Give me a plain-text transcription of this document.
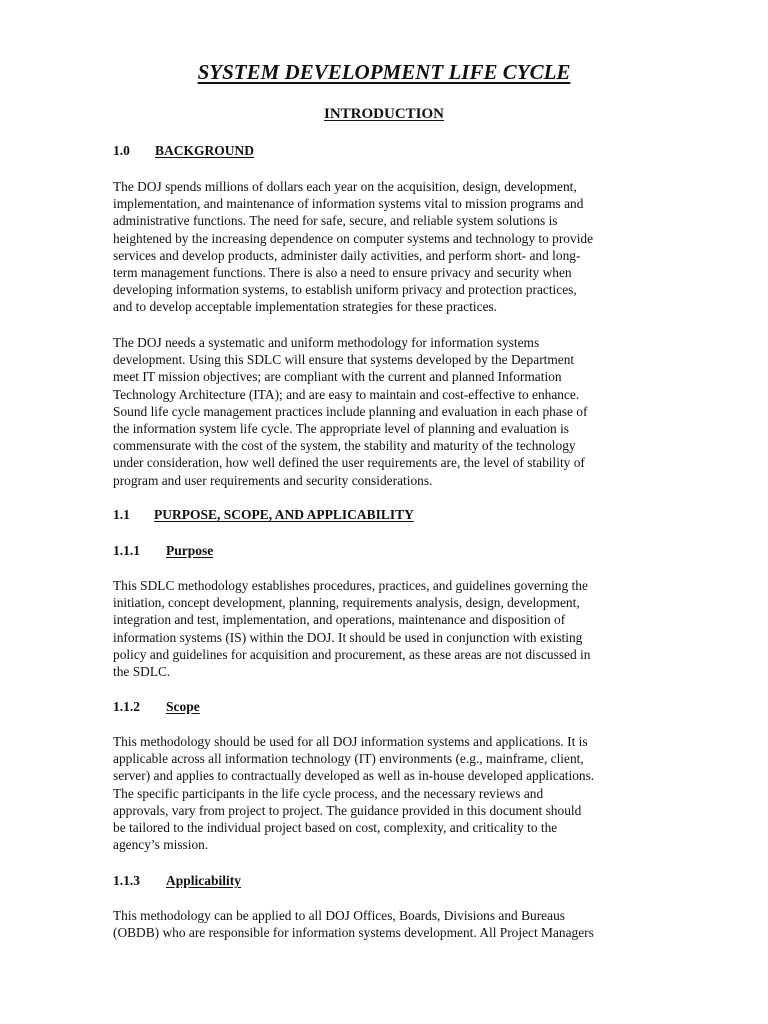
SYSTEM DEVELOPMENT LIFE CYCLE
INTRODUCTION
1.0 BACKGROUND
The DOJ spends millions of dollars each year on the acquisition, design, development,
implementation, and maintenance of information systems vital to mission programs and
administrative functions. The need for safe, secure, and reliable system solutions is
heightened by the increasing dependence on computer systems and technology to provide
services and develop products, administer daily activities, and perform short- and long-
term management functions. There is also a need to ensure privacy and security when
developing information systems, to establish uniform privacy and protection practices,
and to develop acceptable implementation strategies for these practices.
The DOJ needs a systematic and uniform methodology for information systems
development. Using this SDLC will ensure that systems developed by the Department
meet IT mission objectives; are compliant with the current and planned Information
Technology Architecture (ITA); and are easy to maintain and cost-effective to enhance.
Sound life cycle management practices include planning and evaluation in each phase of
the information system life cycle. The appropriate level of planning and evaluation is
commensurate with the cost of the system, the stability and maturity of the technology
under consideration, how well defined the user requirements are, the level of stability of
program and user requirements and security considerations.
1.1 PURPOSE, SCOPE, AND APPLICABILITY
1.1.1 Purpose
This SDLC methodology establishes procedures, practices, and guidelines governing the
initiation, concept development, planning, requirements analysis, design, development,
integration and test, implementation, and operations, maintenance and disposition of
information systems (IS) within the DOJ. It should be used in conjunction with existing
policy and guidelines for acquisition and procurement, as these areas are not discussed in
the SDLC.
1.1.2 Scope
This methodology should be used for all DOJ information systems and applications. It is
applicable across all information technology (IT) environments (e.g., mainframe, client,
server) and applies to contractually developed as well as in-house developed applications.
The specific participants in the life cycle process, and the necessary reviews and
approvals, vary from project to project. The guidance provided in this document should
be tailored to the individual project based on cost, complexity, and criticality to the
agency’s mission.
1.1.3 Applicability
This methodology can be applied to all DOJ Offices, Boards, Divisions and Bureaus
(OBDB) who are responsible for information systems development. All Project Managers
